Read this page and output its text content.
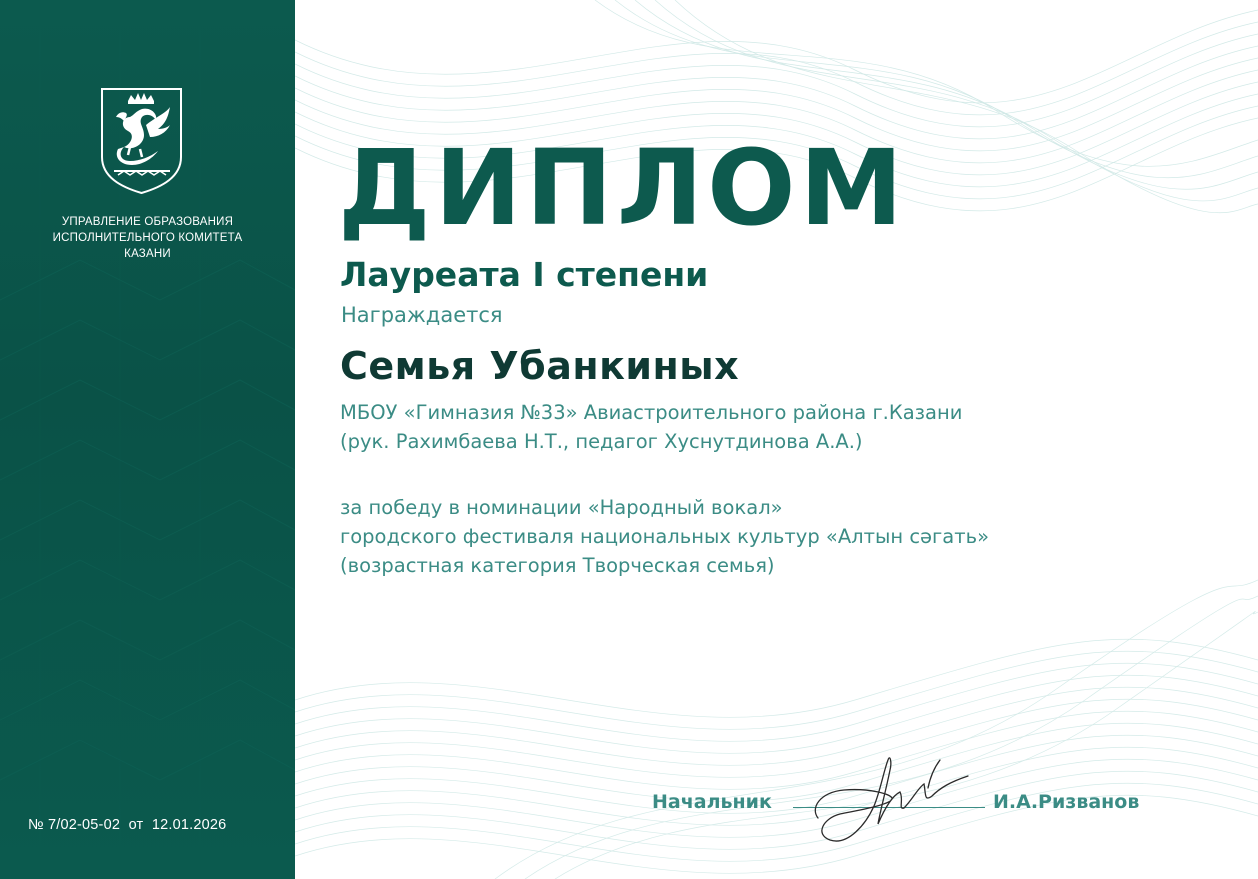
УПРАВЛЕНИЕ ОБРАЗОВАНИЯ
ИСПОЛНИТЕЛЬНОГО КОМИТЕТА
КАЗАНИ
№ 7/02-05-02  от  12.01.2026
ДИПЛОМ
Лауреата I степени
Награждается
Семья Убанкиных
МБОУ «Гимназия №33» Авиастроительного района г.Казани
(рук. Рахимбаева Н.Т., педагог Хуснутдинова А.А.)
за победу в номинации «Народный вокал»
городского фестиваля национальных культур «Алтын сәгать»
(возрастная категория Творческая семья)
Начальник	И.А.Ризванов
